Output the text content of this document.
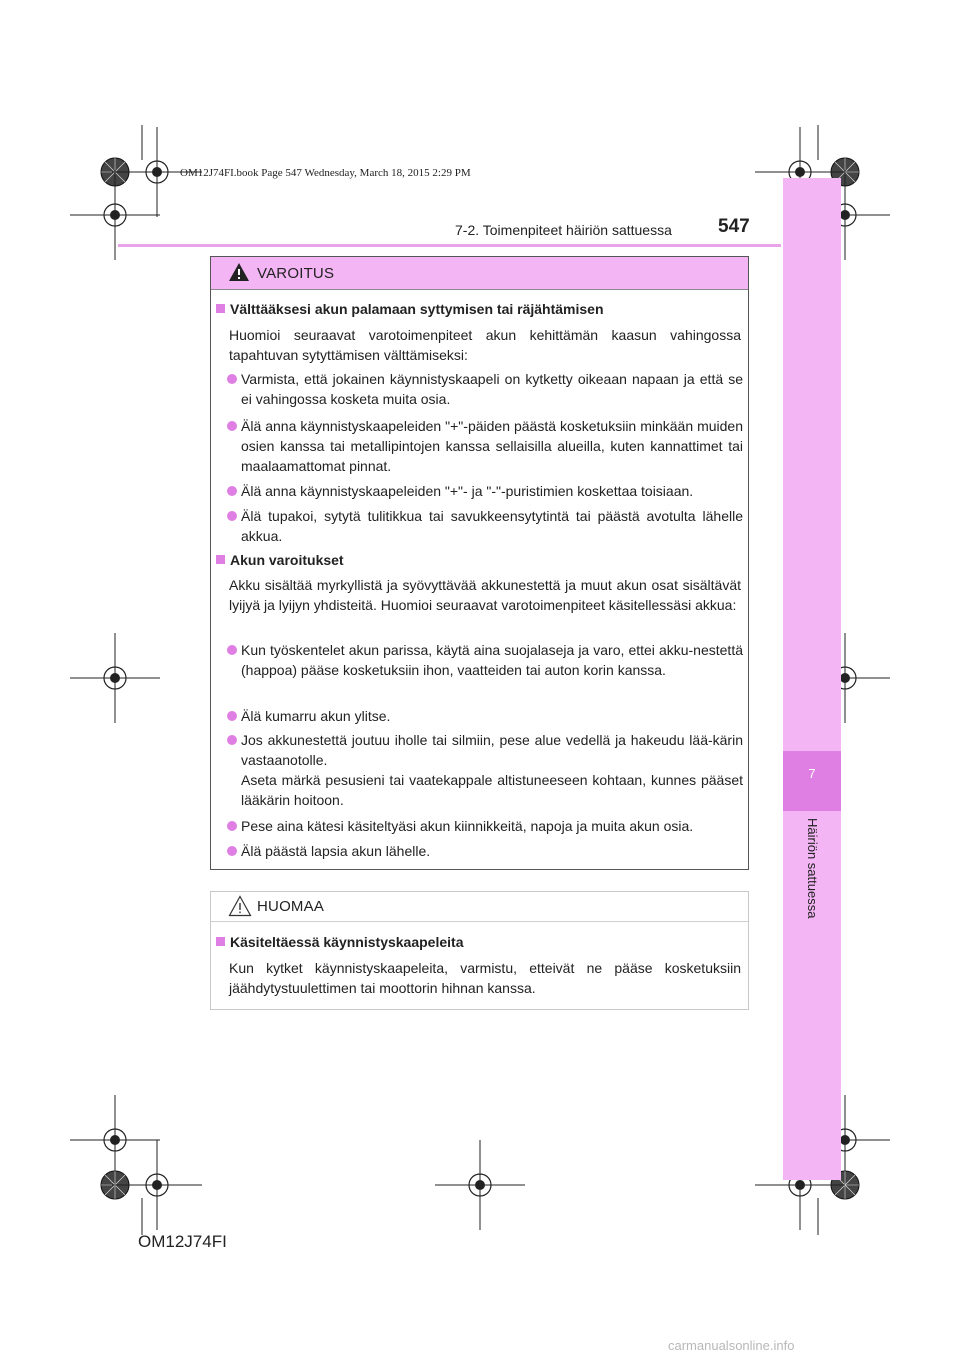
OM12J74FI.book Page 547 Wednesday, March 18, 2015 2:29 PM
7
Häiriön sattuessa
7-2. Toimenpiteet häiriön sattuessa 547
VAROITUS
Välttääksesi akun palamaan syttymisen tai räjähtämisen
Huomioi seuraavat varotoimenpiteet akun kehittämän kaasun vahingossa tapahtuvan sytyttämisen välttämiseksi:
Varmista, että jokainen käynnistyskaapeli on kytketty oikeaan napaan ja että se ei vahingossa kosketa muita osia.
Älä anna käynnistyskaapeleiden "+"-päiden päästä kosketuksiin minkään muiden osien kanssa tai metallipintojen kanssa sellaisilla alueilla, kuten kannattimet tai maalaamattomat pinnat.
Älä anna käynnistyskaapeleiden "+"- ja "-"-puristimien koskettaa toisiaan.
Älä tupakoi, sytytä tulitikkua tai savukkeensytytintä tai päästä avotulta lähelle akkua.
Akun varoitukset
Akku sisältää myrkyllistä ja syövyttävää akkunestettä ja muut akun osat sisältävät lyijyä ja lyijyn yhdisteitä. Huomioi seuraavat varotoimenpiteet käsitellessäsi akkua:
Kun työskentelet akun parissa, käytä aina suojalaseja ja varo, ettei akku-nestettä (happoa) pääse kosketuksiin ihon, vaatteiden tai auton korin kanssa.
Älä kumarru akun ylitse.
Jos akkunestettä joutuu iholle tai silmiin, pese alue vedellä ja hakeudu lää-kärin vastaanotolle.
Aseta märkä pesusieni tai vaatekappale altistuneeseen kohtaan, kunnes pääset lääkärin hoitoon.
Pese aina kätesi käsiteltyäsi akun kiinnikkeitä, napoja ja muita akun osia.
Älä päästä lapsia akun lähelle.
HUOMAA
Käsiteltäessä käynnistyskaapeleita
Kun kytket käynnistyskaapeleita, varmistu, etteivät ne pääse kosketuksiin jäähdytystuulettimen tai moottorin hihnan kanssa.
OM12J74FI
carmanualsonline.info
